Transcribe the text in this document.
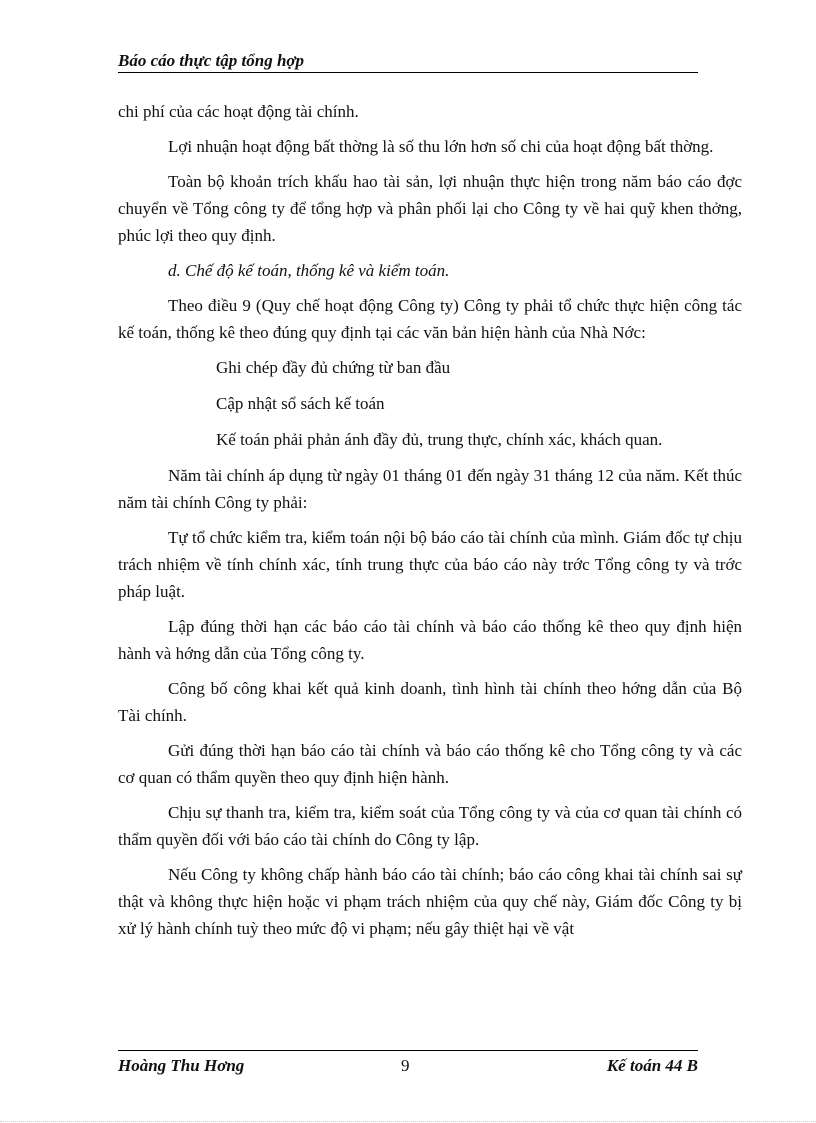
Báo cáo thực tập tổng hợp

chi phí của các hoạt động tài chính.

Lợi nhuận hoạt động bất thờng là số thu lớn hơn số chi của hoạt động bất thờng.

Toàn bộ khoản trích khấu hao tài sản, lợi nhuận thực hiện trong năm báo cáo đợc chuyển về Tổng công ty để tổng hợp và phân phối lại cho Công ty về hai quỹ khen thởng, phúc lợi theo quy định.

d. Chế độ kế toán, thống kê và kiểm toán.

Theo điều 9 (Quy chế hoạt động Công ty) Công ty phải tổ chức thực hiện công tác kế toán, thống kê theo đúng quy định tại các văn bản hiện hành của Nhà Nớc:

Ghi chép đầy đủ chứng từ ban đầu

Cập nhật sổ sách kế toán

Kế toán phải phản ánh đầy đủ, trung thực, chính xác, khách quan.

Năm tài chính áp dụng từ ngày 01 tháng 01 đến ngày 31 tháng 12 của năm. Kết thúc năm tài chính Công ty phải:

Tự tổ chức kiểm tra, kiểm toán nội bộ báo cáo tài chính của mình. Giám đốc tự chịu trách nhiệm về tính chính xác, tính trung thực của báo cáo này trớc Tổng công ty và trớc pháp luật.

Lập đúng thời hạn các báo cáo tài chính và báo cáo thống kê theo quy định hiện hành và hớng dẫn của Tổng công ty.

Công bố công khai kết quả kinh doanh, tình hình tài chính theo hớng dẫn của Bộ Tài chính.

Gửi đúng thời hạn báo cáo tài chính và báo cáo thống kê cho Tổng công ty và các cơ quan có thẩm quyền theo quy định hiện hành.

Chịu sự thanh tra, kiểm tra, kiểm soát của Tổng công ty và của cơ quan tài chính có thẩm quyền đối với báo cáo tài chính do Công ty lập.

Nếu Công ty không chấp hành báo cáo tài chính; báo cáo công khai tài chính sai sự thật và không thực hiện hoặc vi phạm trách nhiệm của quy chế này, Giám đốc Công ty bị xử lý hành chính tuỳ theo mức độ vi phạm; nếu gây thiệt hại về vật

Hoàng Thu Hơng	9	Kế toán 44 B
